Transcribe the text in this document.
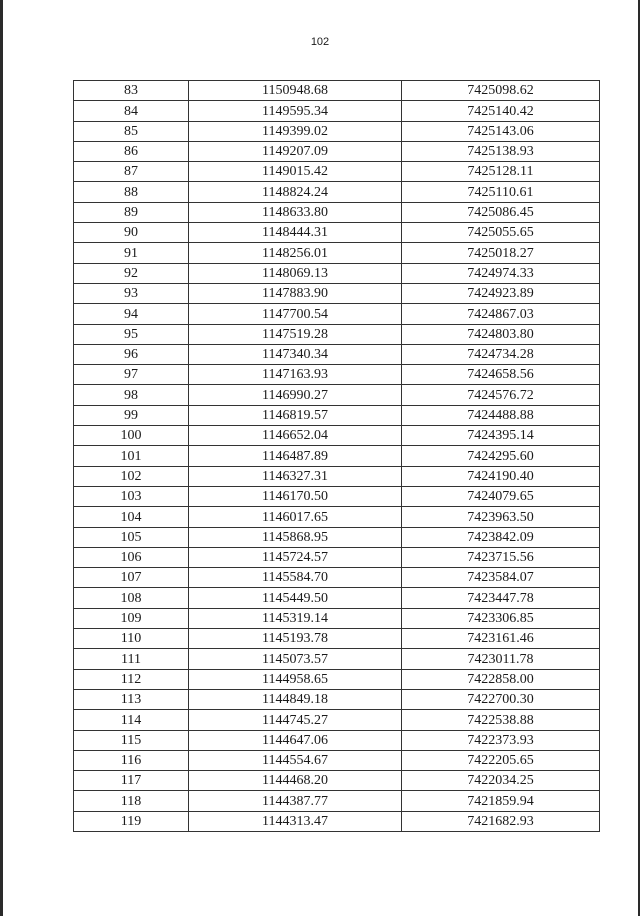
102
83	1150948.68	7425098.62
84	1149595.34	7425140.42
85	1149399.02	7425143.06
86	1149207.09	7425138.93
87	1149015.42	7425128.11
88	1148824.24	7425110.61
89	1148633.80	7425086.45
90	1148444.31	7425055.65
91	1148256.01	7425018.27
92	1148069.13	7424974.33
93	1147883.90	7424923.89
94	1147700.54	7424867.03
95	1147519.28	7424803.80
96	1147340.34	7424734.28
97	1147163.93	7424658.56
98	1146990.27	7424576.72
99	1146819.57	7424488.88
100	1146652.04	7424395.14
101	1146487.89	7424295.60
102	1146327.31	7424190.40
103	1146170.50	7424079.65
104	1146017.65	7423963.50
105	1145868.95	7423842.09
106	1145724.57	7423715.56
107	1145584.70	7423584.07
108	1145449.50	7423447.78
109	1145319.14	7423306.85
110	1145193.78	7423161.46
111	1145073.57	7423011.78
112	1144958.65	7422858.00
113	1144849.18	7422700.30
114	1144745.27	7422538.88
115	1144647.06	7422373.93
116	1144554.67	7422205.65
117	1144468.20	7422034.25
118	1144387.77	7421859.94
119	1144313.47	7421682.93
